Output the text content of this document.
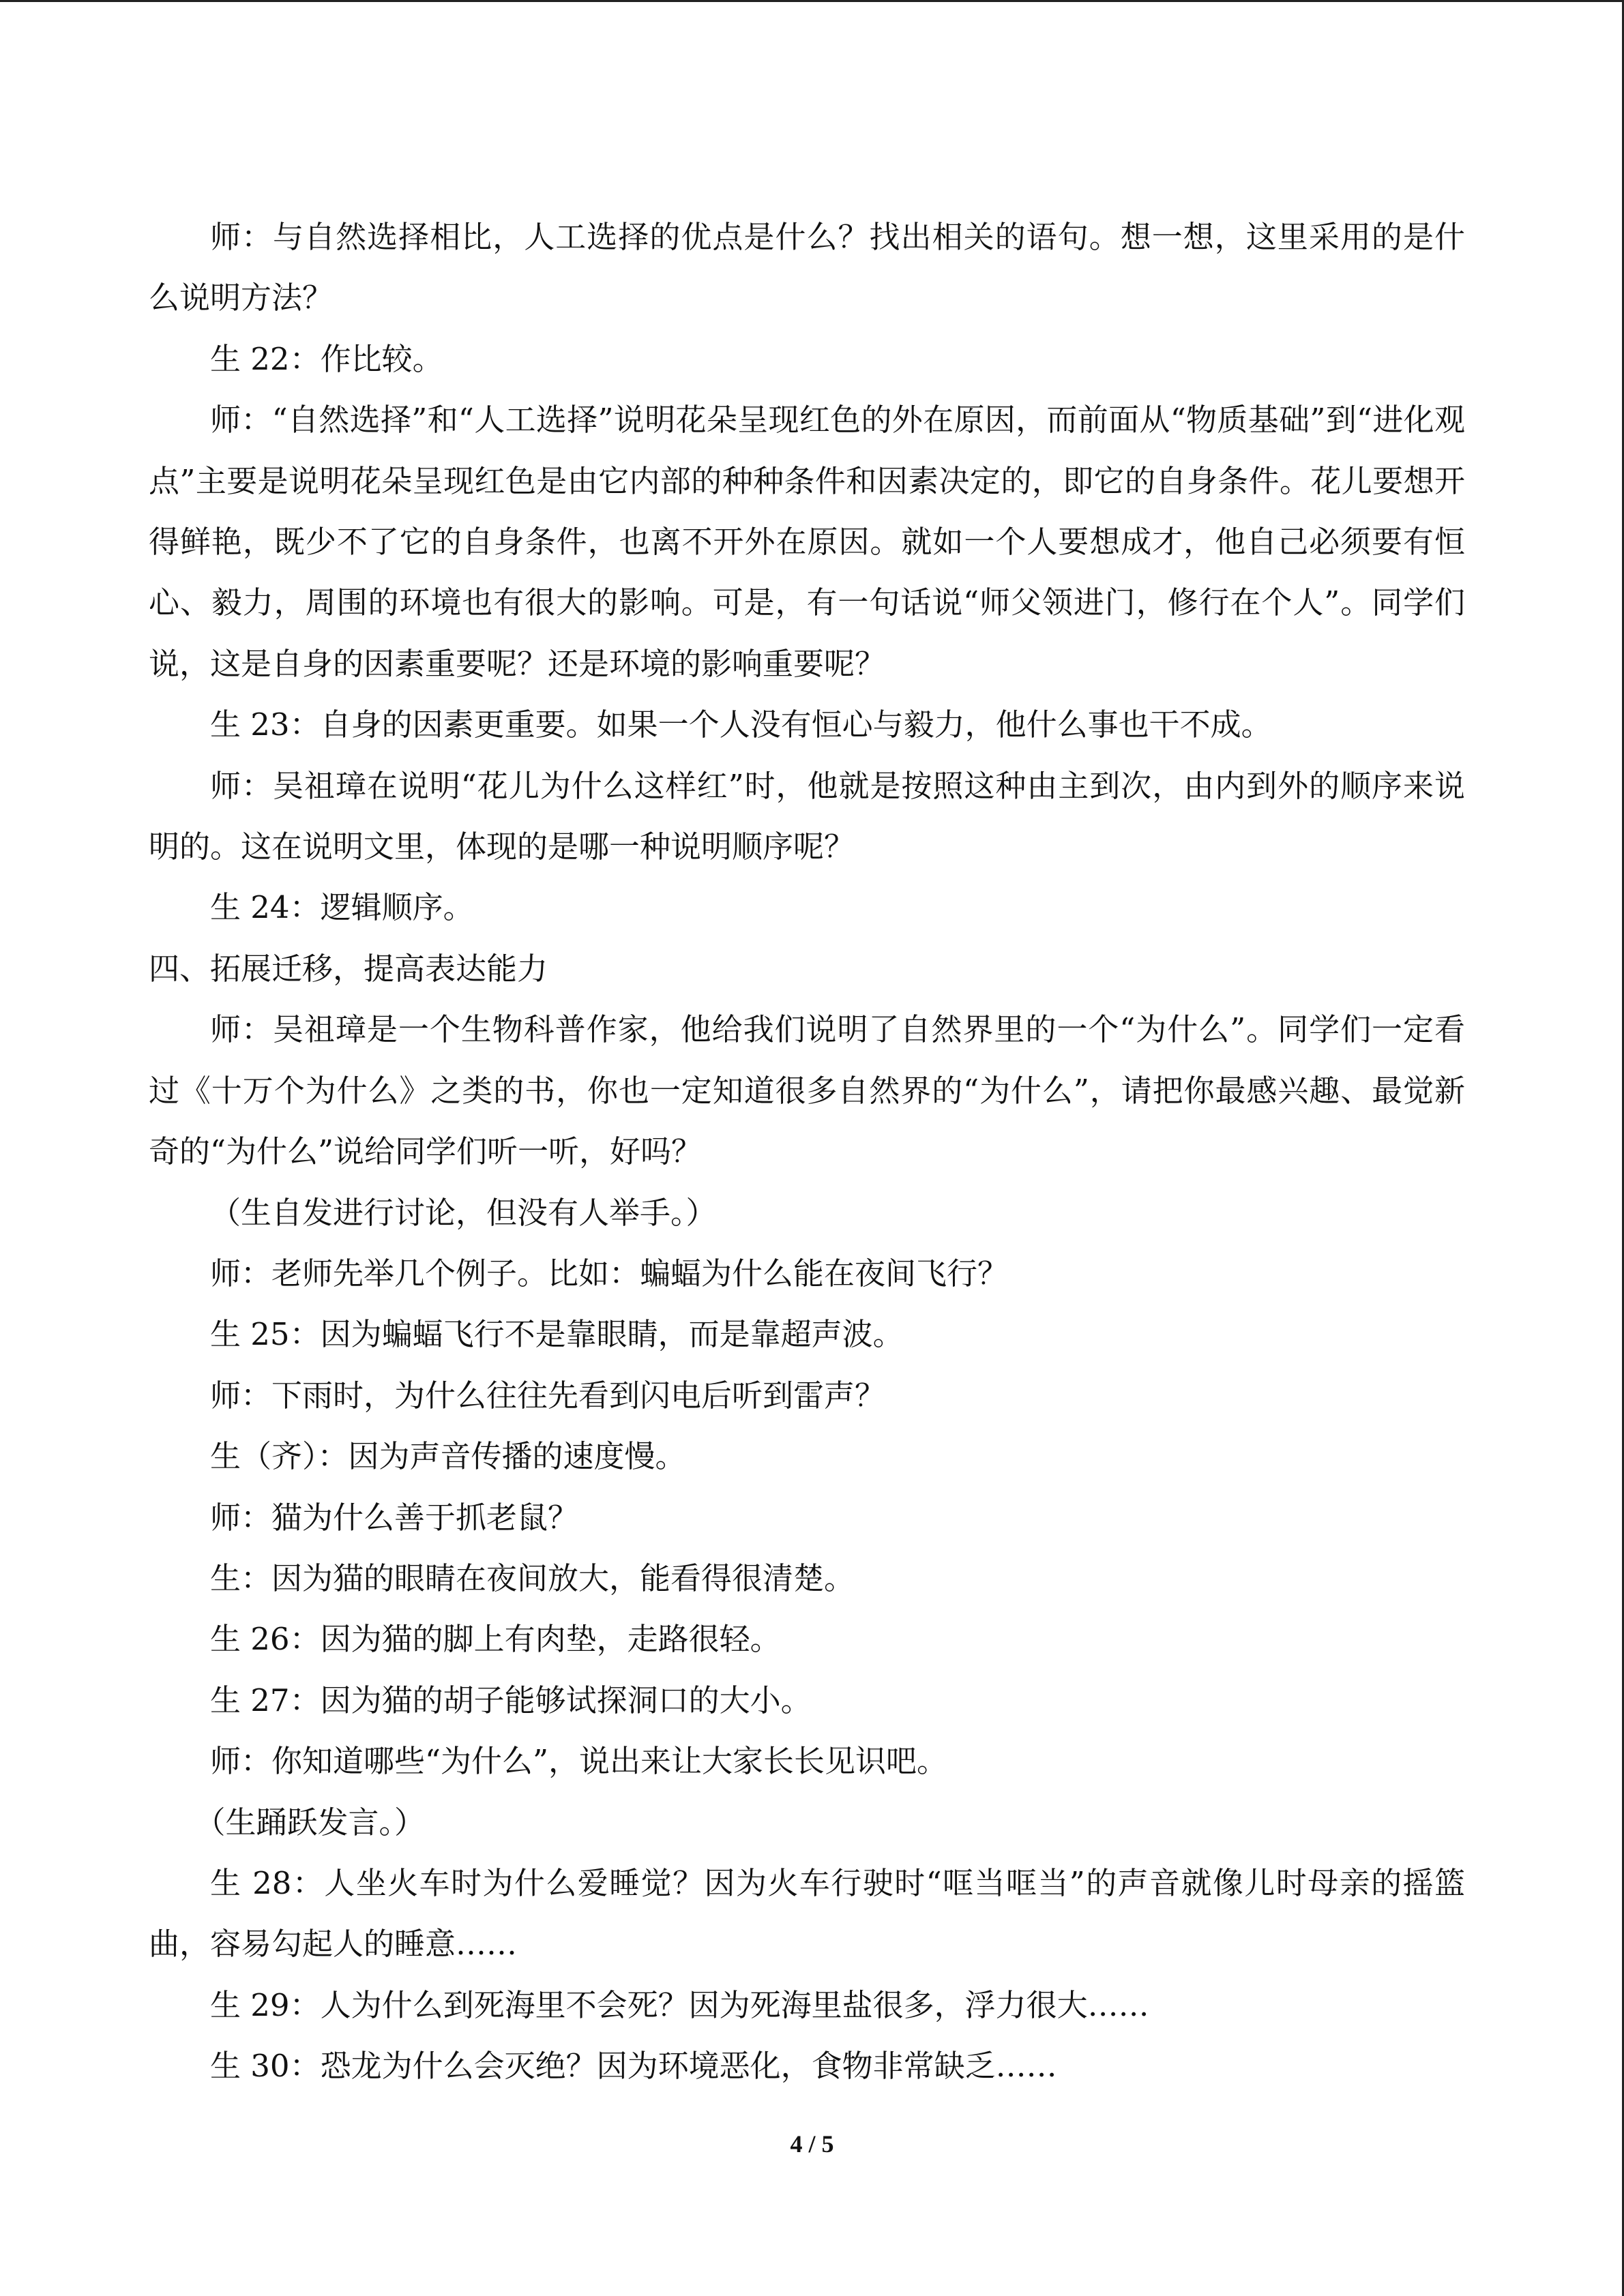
师：与自然选择相比，人工选择的优点是什么？找出相关的语句。想一想，这里采用的是什么说明方法？

生 22：作比较。

师：“自然选择”和“人工选择”说明花朵呈现红色的外在原因，而前面从“物质基础”到“进化观点”主要是说明花朵呈现红色是由它内部的种种条件和因素决定的，即它的自身条件。花儿要想开得鲜艳，既少不了它的自身条件，也离不开外在原因。就如一个人要想成才，他自己必须要有恒心、毅力，周围的环境也有很大的影响。可是，有一句话说“师父领进门，修行在个人”。同学们说，这是自身的因素重要呢？还是环境的影响重要呢？

生 23：自身的因素更重要。如果一个人没有恒心与毅力，他什么事也干不成。

师：吴祖璋在说明“花儿为什么这样红”时，他就是按照这种由主到次，由内到外的顺序来说明的。这在说明文里，体现的是哪一种说明顺序呢？

生 24：逻辑顺序。

四、拓展迁移，提高表达能力

师：吴祖璋是一个生物科普作家，他给我们说明了自然界里的一个“为什么”。同学们一定看过《十万个为什么》之类的书，你也一定知道很多自然界的“为什么”，请把你最感兴趣、最觉新奇的“为什么”说给同学们听一听，好吗？

（生自发进行讨论，但没有人举手。）

师：老师先举几个例子。比如：蝙蝠为什么能在夜间飞行？

生 25：因为蝙蝠飞行不是靠眼睛，而是靠超声波。

师：下雨时，为什么往往先看到闪电后听到雷声？

生（齐）：因为声音传播的速度慢。

师：猫为什么善于抓老鼠？

生：因为猫的眼睛在夜间放大，能看得很清楚。

生 26：因为猫的脚上有肉垫，走路很轻。

生 27：因为猫的胡子能够试探洞口的大小。

师：你知道哪些“为什么”，说出来让大家长长见识吧。

（生踊跃发言。）

生 28：人坐火车时为什么爱睡觉？因为火车行驶时“哐当哐当”的声音就像儿时母亲的摇篮曲，容易勾起人的睡意……

生 29：人为什么到死海里不会死？因为死海里盐很多，浮力很大……

生 30：恐龙为什么会灭绝？因为环境恶化，食物非常缺乏……

4 / 5
